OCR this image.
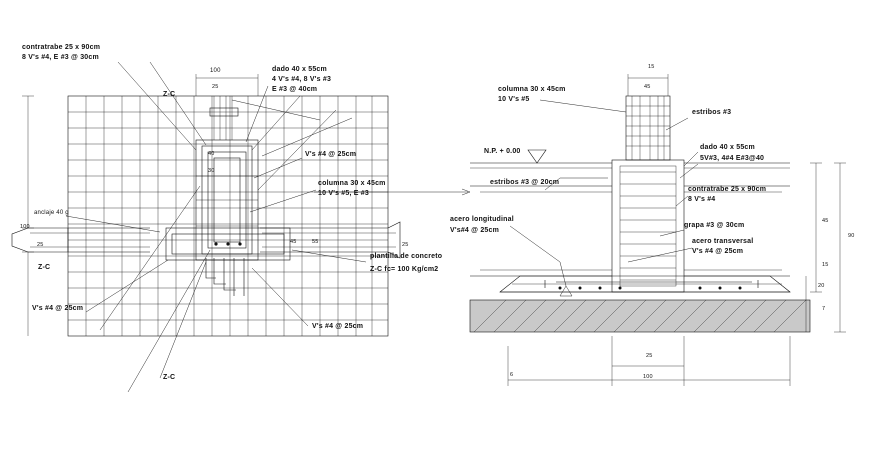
contratrabe 25 x 90cm
8 V's #4, E #3 @ 30cm
100	dado 40 x 55cm
4 V's #4, 8 V's #3
E #3 @ 40cm
Z-C
25
40
30
V's #4 @ 25cm
columna 30 x 45cm
10 V's #5, E #3
anclaje 40 g
100
25	25
45	55
Z-C
plantilla de concreto
Z-C fc= 100 Kg/cm2
V's #4 @ 25cm
V's #4 @ 25cm
Z-C
15
45
columna 30 x 45cm
10 V's #5
estribos #3
N.P. + 0.00
dado 40 x 55cm
5V#3, 4#4 E#3@40
estribos #3 @ 20cm
contratrabe 25 x 90cm
8 V's #4
acero longitudinal
V's#4 @ 25cm
grapa #3 @ 30cm
acero transversal
V's #4 @ 25cm
45
90
15
20
7
25
100
6
